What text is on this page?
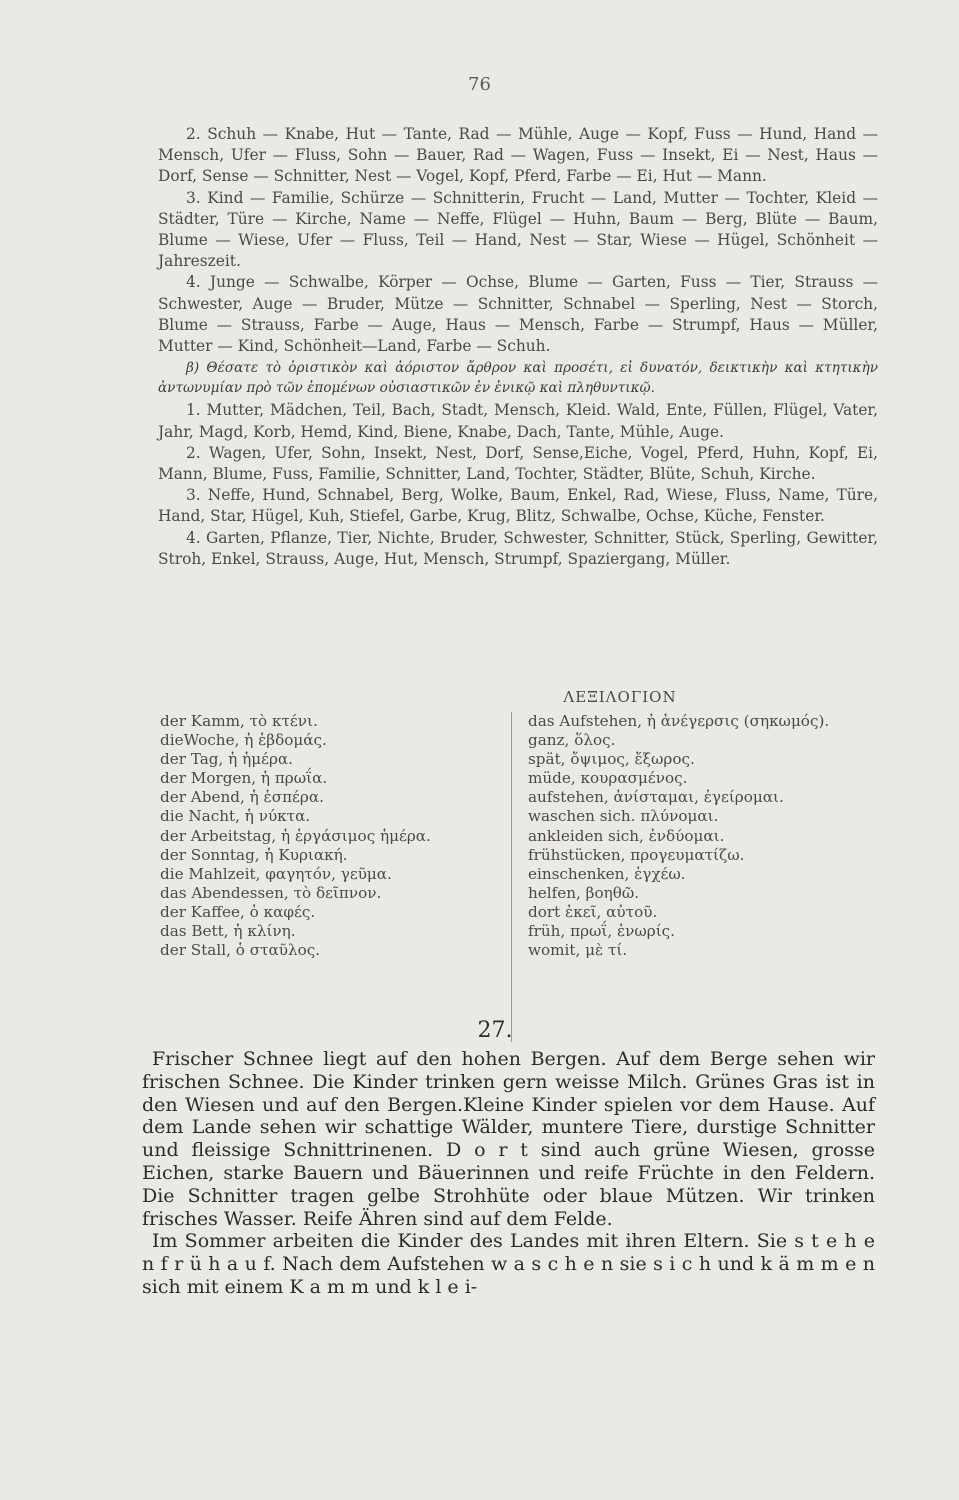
76

2. Schuh — Knabe, Hut — Tante, Rad — Mühle, Auge — Kopf, Fuss — Hund, Hand — Mensch, Ufer — Fluss, Sohn — Bauer, Rad — Wagen, Fuss — Insekt, Ei — Nest, Haus — Dorf, Sense — Schnitter, Nest — Vogel, Kopf, Pferd, Farbe — Ei, Hut — Mann.

3. Kind — Familie, Schürze — Schnitterin, Frucht — Land, Mutter — Tochter, Kleid — Städter, Türe — Kirche, Name — Neffe, Flügel — Huhn, Baum — Berg, Blüte — Baum, Blume — Wiese, Ufer — Fluss, Teil — Hand, Nest — Star, Wiese — Hügel, Schönheit — Jahreszeit.

4. Junge — Schwalbe, Körper — Ochse, Blume — Garten, Fuss — Tier, Strauss — Schwester, Auge — Bruder, Mütze — Schnitter, Schnabel — Sperling, Nest — Storch, Blume — Strauss, Farbe — Auge, Haus — Mensch, Farbe — Strumpf, Haus — Müller, Mutter — Kind, Schönheit—Land, Farbe — Schuh.

β) Θέσατε τὸ ὁριστικὸν καὶ ἀόριστον ἄρθρον καὶ προσέτι, εἰ δυνατόν, δεικτικὴν καὶ κτητικὴν ἀντωνυμίαν πρὸ τῶν ἑπομένων οὐσιαστικῶν ἐν ἑνικῷ καὶ πληθυντικῷ.

1. Mutter, Mädchen, Teil, Bach, Stadt, Mensch, Kleid. Wald, Ente, Füllen, Flügel, Vater, Jahr, Magd, Korb, Hemd, Kind, Biene, Knabe, Dach, Tante, Mühle, Auge.

2. Wagen, Ufer, Sohn, Insekt, Nest, Dorf, Sense,Eiche, Vogel, Pferd, Huhn, Kopf, Ei, Mann, Blume, Fuss, Familie, Schnitter, Land, Tochter, Städter, Blüte, Schuh, Kirche.

3. Neffe, Hund, Schnabel, Berg, Wolke, Baum, Enkel, Rad, Wiese, Fluss, Name, Türe, Hand, Star, Hügel, Kuh, Stiefel, Garbe, Krug, Blitz, Schwalbe, Ochse, Küche, Fenster.

4. Garten, Pflanze, Tier, Nichte, Bruder, Schwester, Schnitter, Stück, Sperling, Gewitter, Stroh, Enkel, Strauss, Auge, Hut, Mensch, Strumpf, Spaziergang, Müller.

ΛΕΞΙΛΟΓΙΟΝ
der Kamm, τὸ κτένι.
dieWoche, ἡ ἑβδομάς.
der Tag, ἡ ἡμέρα.
der Morgen, ἡ πρωΐα.
der Abend, ἡ ἑσπέρα.
die Nacht, ἡ νύκτα.
der Arbeitstag, ἡ ἐργάσιμος ἡμέρα.
der Sonntag, ἡ Κυριακή.
die Mahlzeit, φαγητόν, γεῦμα.
das Abendessen, τὸ δεῖπνον.
der Kaffee, ὁ καφές.
das Bett, ἡ κλίνη.
der Stall, ὁ σταῦλος.
das Aufstehen, ἡ ἀνέγερσις (σηκωμός).
ganz, ὅλος.
spät, ὄψιμος, ἔξωρος.
müde, κουρασμένος.
aufstehen, ἀνίσταμαι, ἐγείρομαι.
waschen sich. πλύνομαι.
ankleiden sich, ἐνδύομαι.
frühstücken, προγευματίζω.
einschenken, ἐγχέω.
helfen, βοηθῶ.
dort ἐκεῖ, αὐτοῦ.
früh, πρωΐ, ἐνωρίς.
womit, μὲ τί.
27.

Frischer Schnee liegt auf den hohen Bergen. Auf dem Berge sehen wir frischen Schnee. Die Kinder trinken gern weisse Milch. Grünes Gras ist in den Wiesen und auf den Bergen.Kleine Kinder spielen vor dem Hause. Auf dem Lande sehen wir schattige Wälder, muntere Tiere, durstige Schnitter und fleissige Schnittrinenen. D o r t sind auch grüne Wiesen, grosse Eichen, starke Bauern und Bäuerinnen und reife Früchte in den Feldern. Die Schnitter tragen gelbe Strohhüte oder blaue Mützen. Wir trinken frisches Wasser. Reife Ähren sind auf dem Felde.

Im Sommer arbeiten die Kinder des Landes mit ihren Eltern. Sie s t e h e n f r ü h a u f. Nach dem Aufstehen w a s c h e n sie s i c h und k ä m m e n sich mit einem K a m m und k l e i-
